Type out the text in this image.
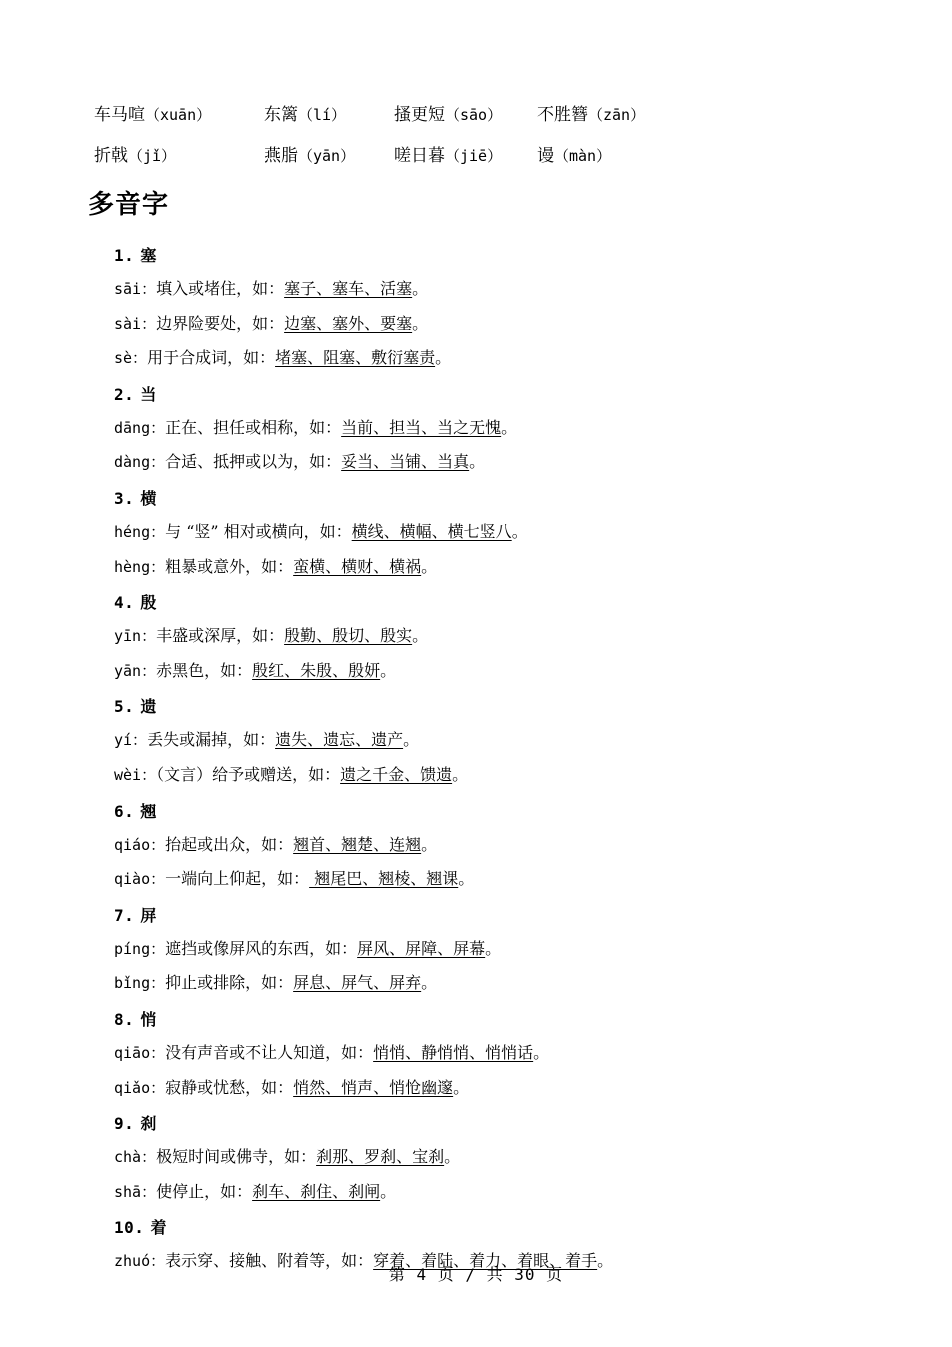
车马喧（xuān）	东篱（lí）	搔更短（sāo）	不胜簪（zān）
折戟（jǐ）	燕脂（yān）	嗟日暮（jiē）	谩（màn）
多音字
1. 塞
sāi：填入或堵住，如：塞子、塞车、活塞。
sài：边界险要处，如：边塞、塞外、要塞。
sè：用于合成词，如：堵塞、阻塞、敷衍塞责。
2. 当
dāng：正在、担任或相称，如：当前、担当、当之无愧。
dàng：合适、抵押或以为，如：妥当、当铺、当真。
3. 横
héng：与 “竖” 相对或横向，如：横线、横幅、横七竖八。
hèng：粗暴或意外，如：蛮横、横财、横祸。
4. 殷
yīn：丰盛或深厚，如：殷勤、殷切、殷实。
yān：赤黑色，如：殷红、朱殷、殷妍。
5. 遗
yí：丢失或漏掉，如：遗失、遗忘、遗产。
wèi：（文言）给予或赠送，如：遗之千金、馈遗。
6. 翘
qiáo：抬起或出众，如：翘首、翘楚、连翘。
qiào：一端向上仰起，如： 翘尾巴、翘棱、翘课。
7. 屏
píng：遮挡或像屏风的东西，如：屏风、屏障、屏幕。
bǐng：抑止或排除，如：屏息、屏气、屏弃。
8. 悄
qiāo：没有声音或不让人知道，如：悄悄、静悄悄、悄悄话。
qiǎo：寂静或忧愁，如：悄然、悄声、悄怆幽邃。
9. 刹
chà：极短时间或佛寺，如：刹那、罗刹、宝刹。
shā：使停止，如：刹车、刹住、刹闸。
10. 着
zhuó：表示穿、接触、附着等，如：穿着、着陆、着力、着眼、着手。
第 4 页 / 共 30 页
